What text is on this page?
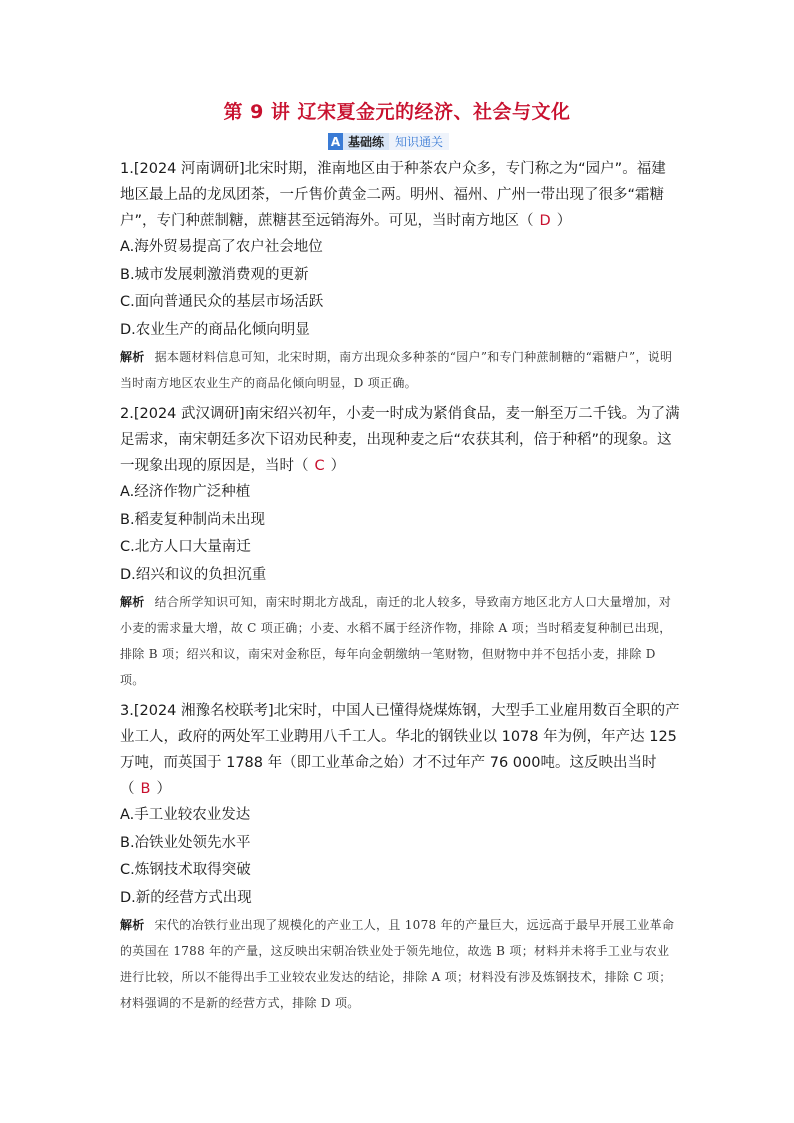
第 9 讲 辽宋夏金元的经济、社会与文化
A 基础练 知识通关

1.[2024 河南调研]北宋时期，淮南地区由于种茶农户众多，专门称之为“园户”。福建地区最上品的龙凤团茶，一斤售价黄金二两。明州、福州、广州一带出现了很多“霜糖户”，专门种蔗制糖，蔗糖甚至远销海外。可见，当时南方地区（ D ）

A.海外贸易提高了农户社会地位

B.城市发展刺激消费观的更新

C.面向普通民众的基层市场活跃

D.农业生产的商品化倾向明显

解析 据本题材料信息可知，北宋时期，南方出现众多种茶的“园户”和专门种蔗制糖的“霜糖户”，说明当时南方地区农业生产的商品化倾向明显，D 项正确。

2.[2024 武汉调研]南宋绍兴初年，小麦一时成为紧俏食品，麦一斛至万二千钱。为了满足需求，南宋朝廷多次下诏劝民种麦，出现种麦之后“农获其利，倍于种稻”的现象。这一现象出现的原因是，当时（ C ）

A.经济作物广泛种植

B.稻麦复种制尚未出现

C.北方人口大量南迁

D.绍兴和议的负担沉重

解析 结合所学知识可知，南宋时期北方战乱，南迁的北人较多，导致南方地区北方人口大量增加，对小麦的需求量大增，故 C 项正确；小麦、水稻不属于经济作物，排除 A 项；当时稻麦复种制已出现，排除 B 项；绍兴和议，南宋对金称臣，每年向金朝缴纳一笔财物，但财物中并不包括小麦，排除 D 项。

3.[2024 湘豫名校联考]北宋时，中国人已懂得烧煤炼钢，大型手工业雇用数百全职的产业工人，政府的两处军工业聘用八千工人。华北的钢铁业以 1078 年为例，年产达 125万吨，而英国于 1788 年（即工业革命之始）才不过年产 76 000吨。这反映出当时（ B ）

A.手工业较农业发达

B.冶铁业处领先水平

C.炼钢技术取得突破

D.新的经营方式出现

解析 宋代的冶铁行业出现了规模化的产业工人，且 1078 年的产量巨大，远远高于最早开展工业革命的英国在 1788 年的产量，这反映出宋朝冶铁业处于领先地位，故选 B 项；材料并未将手工业与农业进行比较，所以不能得出手工业较农业发达的结论，排除 A 项；材料没有涉及炼钢技术，排除 C 项；材料强调的不是新的经营方式，排除 D 项。
